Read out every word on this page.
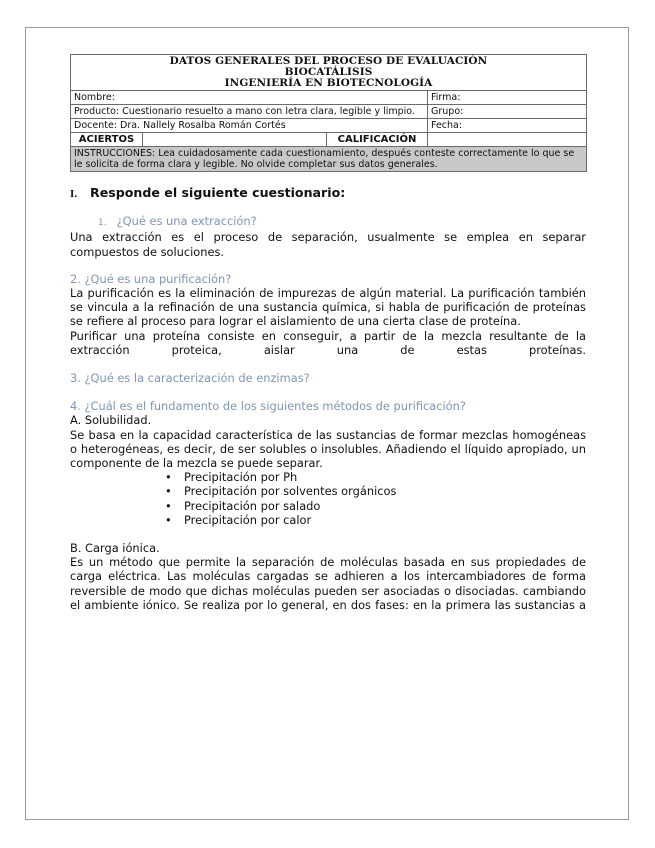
DATOS GENERALES DEL PROCESO DE EVALUACIÓN
BIOCATÁLISIS
INGENIERÍA EN BIOTECNOLOGÍA			

Nombre:			Firma:
Producto: Cuestionario resuelto a mano con letra clara, legible y limpio.			Grupo:
Docente: Dra. Nallely Rosalba Román Cortés			Fecha:
ACIERTOS		CALIFICACIÓN	
INSTRUCCIONES: Lea cuidadosamente cada cuestionamiento, después conteste correctamente lo que se le solicita de forma clara y legible. No olvide completar sus datos generales.			
I.	Responde el siguiente cuestionario:
1. ¿Qué es una extracción?

Una extracción es el proceso de separación, usualmente se emplea en separar compuestos de soluciones.

2. ¿Qué es una purificación?

La purificación es la eliminación de impurezas de algún material. La purificación también se vincula a la refinación de una sustancia química, si habla de purificación de proteínas se refiere al proceso para lograr el aislamiento de una cierta clase de proteína.

Purificar una proteína consiste en conseguir, a partir de la mezcla resultante de la extracción proteica, aislar una de estas proteínas.

3. ¿Qué es la caracterización de enzimas?
4. ¿Cuál es el fundamento de los siguientes métodos de purificación?

A. Solubilidad.

Se basa en la capacidad característica de las sustancias de formar mezclas homogéneas o heterogéneas, es decir, de ser solubles o insolubles. Añadiendo el líquido apropiado, un componente de la mezcla se puede separar.

• Precipitación por Ph
• Precipitación por solventes orgánicos
• Precipitación por salado
• Precipitación por calor

B. Carga iónica.

Es un método que permite la separación de moléculas basada en sus propiedades de carga eléctrica. Las moléculas cargadas se adhieren a los intercambiadores de forma reversible de modo que dichas moléculas pueden ser asociadas o disociadas. cambiando el ambiente iónico. Se realiza por lo general, en dos fases: en la primera las sustancias a
